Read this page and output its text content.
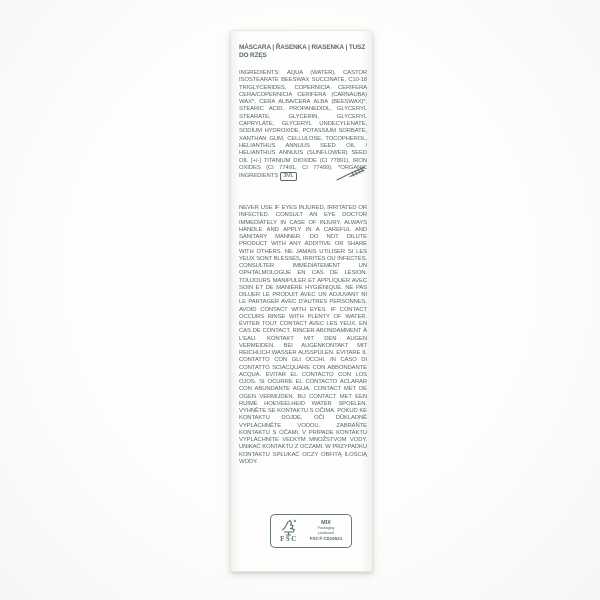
MÁSCARA | ŘASENKA | RIASENKA | TUSZ DO RZĘS
INGREDIENTS: AQUA (WATER), CASTOR ISOSTEARATE BEESWAX SUCCINATE, C10-18 TRIGLYCERIDES, COPERNICIA CERIFERA CERA/COPERNICIA CERIFERA (CARNAUBA) WAX*, CERA ALBA/CERA ALBA (BEESWAX)*, STEARIC ACID, PROPANEDIOL, GLYCERYL STEARATE, GLYCERIN, GLYCERYL CAPRYLATE, GLYCERYL UNDECYLENATE, SODIUM HYDROXIDE, POTASSIUM SORBATE, XANTHAN GUM, CELLULOSE, TOCOPHEROL, HELIANTHUS ANNUUS SEED OIL / HELIANTHUS ANNUUS (SUNFLOWER) SEED OIL [+/-] TITANIUM DIOXIDE (CI 77891), IRON OXIDES (CI 77491, CI 77499). *ORGANIC INGREDIENTS 3ML
NEVER USE IF EYES INJURED, IRRITATED OR INFECTED. CONSULT AN EYE DOCTOR IMMEDIATELY IN CASE OF INJURY. ALWAYS HANDLE AND APPLY IN A CAREFUL AND SANITARY MANNER. DO NOT DILUTE PRODUCT WITH ANY ADDITIVE OR SHARE WITH OTHERS. NE JAMAIS UTILISER SI LES YEUX SONT BLESSÉS, IRRITÉS OU INFECTÉS. CONSULTER IMMÉDIATEMENT UN OPHTALMOLOGUE EN CAS DE LÉSION. TOUJOURS MANIPULER ET APPLIQUER AVEC SOIN ET DE MANIÈRE HYGIÉNIQUE. NE PAS DILUER LE PRODUIT AVEC UN ADJUVANT NI LE PARTAGER AVEC D'AUTRES PERSONNES. AVOID CONTACT WITH EYES. IF CONTACT OCCURS RINSE WITH PLENTY OF WATER. ÉVITER TOUT CONTACT AVEC LES YEUX. EN CAS DE CONTACT, RINCER ABONDAMMENT À L'EAU. KONTAKT MIT DEN AUGEN VERMEIDEN. BEI AUGENKONTAKT MIT REICHLICH WASSER AUSSPÜLEN. EVITARE IL CONTATTO CON GLI OCCHI. IN CASO DI CONTATTO SCIACQUARE CON ABBONDANTE ACQUA. EVITAR EL CONTACTO CON LOS OJOS. SI OCURRE EL CONTACTO ACLARAR CON ABUNDANTE AGUA. CONTACT MET DE OGEN VERMIJDEN. BIJ CONTACT MET EEN RUIME HOEVEELHEID WATER SPOELEN. VYHNĚTE SE KONTAKTU S OČIMA. POKUD KE KONTAKTU DOJDE, OČI DŮKLADNĚ VYPLÁCHNĚTE VODOU. ZABRÁŇTE KONTAKTU S OČAMI. V PRÍPADE KONTAKTU VYPLÁCHNITE VEĽKÝM MNOŽSTVOM VODY. UNIKAĆ KONTAKTU Z OCZAMI. W PRZYPADKU KONTAKTU SPŁUKAĆ OCZY OBFITĄ ILOŚCIĄ WODY.
FSC
MIX
Packaging
cardboard
FSC® C010621
